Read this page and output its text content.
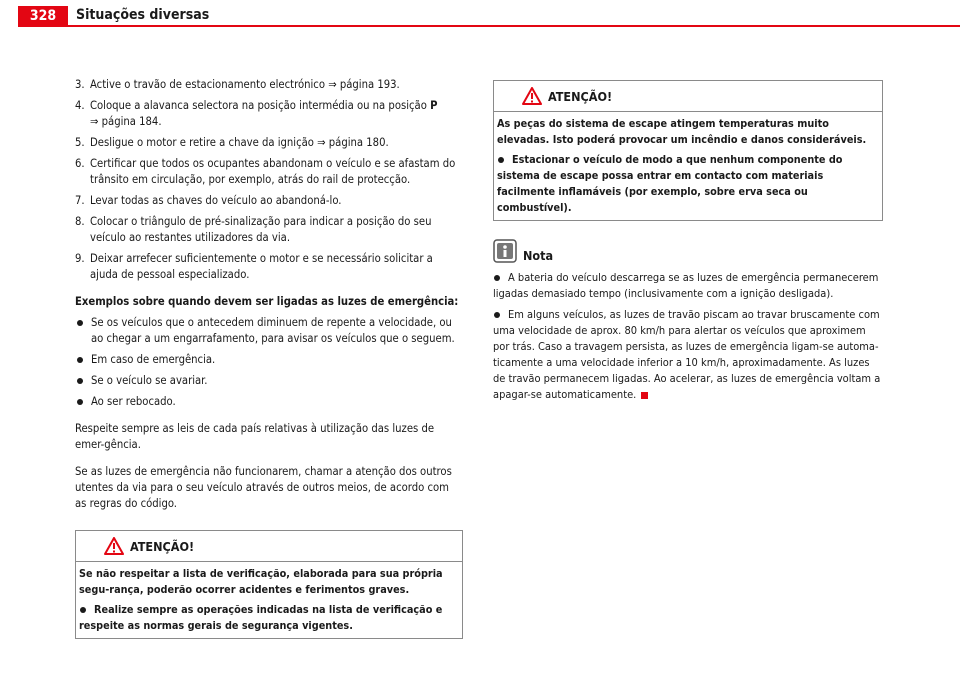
328	Situações diversas
3. Active o travão de estacionamento electrónico ⇒ página 193.
4. Coloque a alavanca selectora na posição intermédia ou na posição P
⇒ página 184.
5. Desligue o motor e retire a chave da ignição ⇒ página 180.
6. Certificar que todos os ocupantes abandonam o veículo e se afastam do trânsito em circulação, por exemplo, atrás do rail de protecção.
7. Levar todas as chaves do veículo ao abandoná-lo.
8. Colocar o triângulo de pré-sinalização para indicar a posição do seu veículo ao restantes utilizadores da via.
9. Deixar arrefecer suficientemente o motor e se necessário solicitar a ajuda de pessoal especializado.
Exemplos sobre quando devem ser ligadas as luzes de emergência:
Se os veículos que o antecedem diminuem de repente a velocidade, ou ao chegar a um engarrafamento, para avisar os veículos que o seguem.
Em caso de emergência.
Se o veículo se avariar.
Ao ser rebocado.

Respeite sempre as leis de cada país relativas à utilização das luzes de emer-gência.

Se as luzes de emergência não funcionarem, chamar a atenção dos outros utentes da via para o seu veículo através de outros meios, de acordo com as regras do código.

ATENÇÃO!
Se não respeitar a lista de verificação, elaborada para sua própria segu-rança, poderão ocorrer acidentes e ferimentos graves.
Realize sempre as operações indicadas na lista de verificação e respeite as normas gerais de segurança vigentes.
ATENÇÃO!
As peças do sistema de escape atingem temperaturas muito elevadas. Isto poderá provocar um incêndio e danos consideráveis.
Estacionar o veículo de modo a que nenhum componente do sistema de escape possa entrar em contacto com materiais facilmente inflamáveis (por exemplo, sobre erva seca ou combustível).
Nota
A bateria do veículo descarrega se as luzes de emergência permanecerem ligadas demasiado tempo (inclusivamente com a ignição desligada).
Em alguns veículos, as luzes de travão piscam ao travar bruscamente com uma velocidade de aprox. 80 km/h para alertar os veículos que aproximem por trás. Caso a travagem persista, as luzes de emergência ligam-se automa-ticamente a uma velocidade inferior a 10 km/h, aproximadamente. As luzes de travão permanecem ligadas. Ao acelerar, as luzes de emergência voltam a apagar-se automaticamente.
